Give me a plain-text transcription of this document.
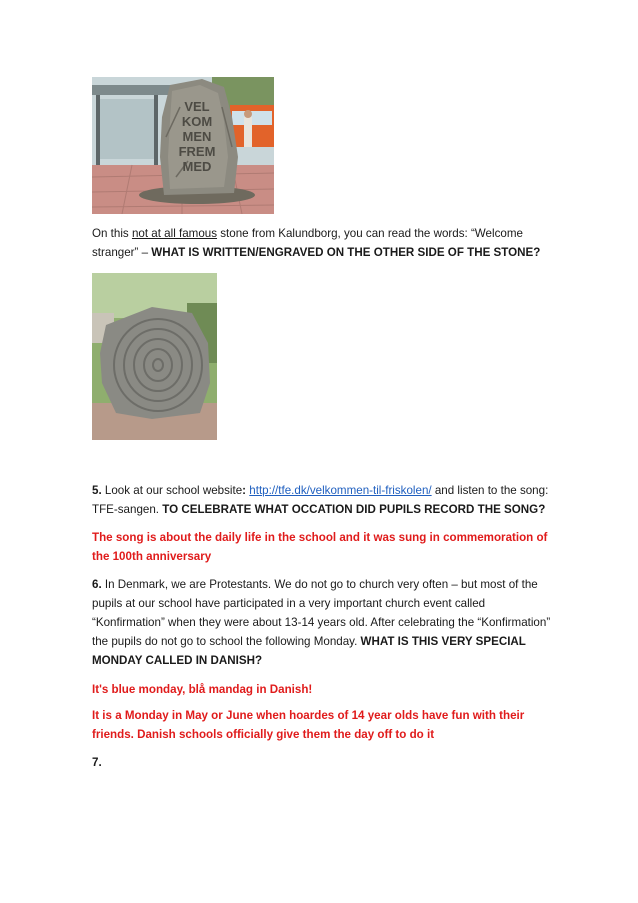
VEL
KOM
MEN
FREM
MED

On this not at all famous stone from Kalundborg, you can read the words: “Welcome stranger” – WHAT IS WRITTEN/ENGRAVED ON THE OTHER SIDE OF THE STONE?

5. Look at our school website: http://tfe.dk/velkommen-til-friskolen/ and listen to the song: TFE-sangen. TO CELEBRATE WHAT OCCATION DID PUPILS RECORD THE SONG?

The song is about the daily life in the school and it was sung in commemoration of the 100th anniversary

6. In Denmark, we are Protestants. We do not go to church very often – but most of the pupils at our school have participated in a very important church event called “Konfirmation” when they were about 13-14 years old. After celebrating the “Konfirmation” the pupils do not go to school the following Monday. WHAT IS THIS VERY SPECIAL MONDAY CALLED IN DANISH?

It's blue monday, blå mandag in Danish!

It is a Monday in May or June when hoardes of 14 year olds have fun with their friends. Danish schools officially give them the day off to do it

7.
